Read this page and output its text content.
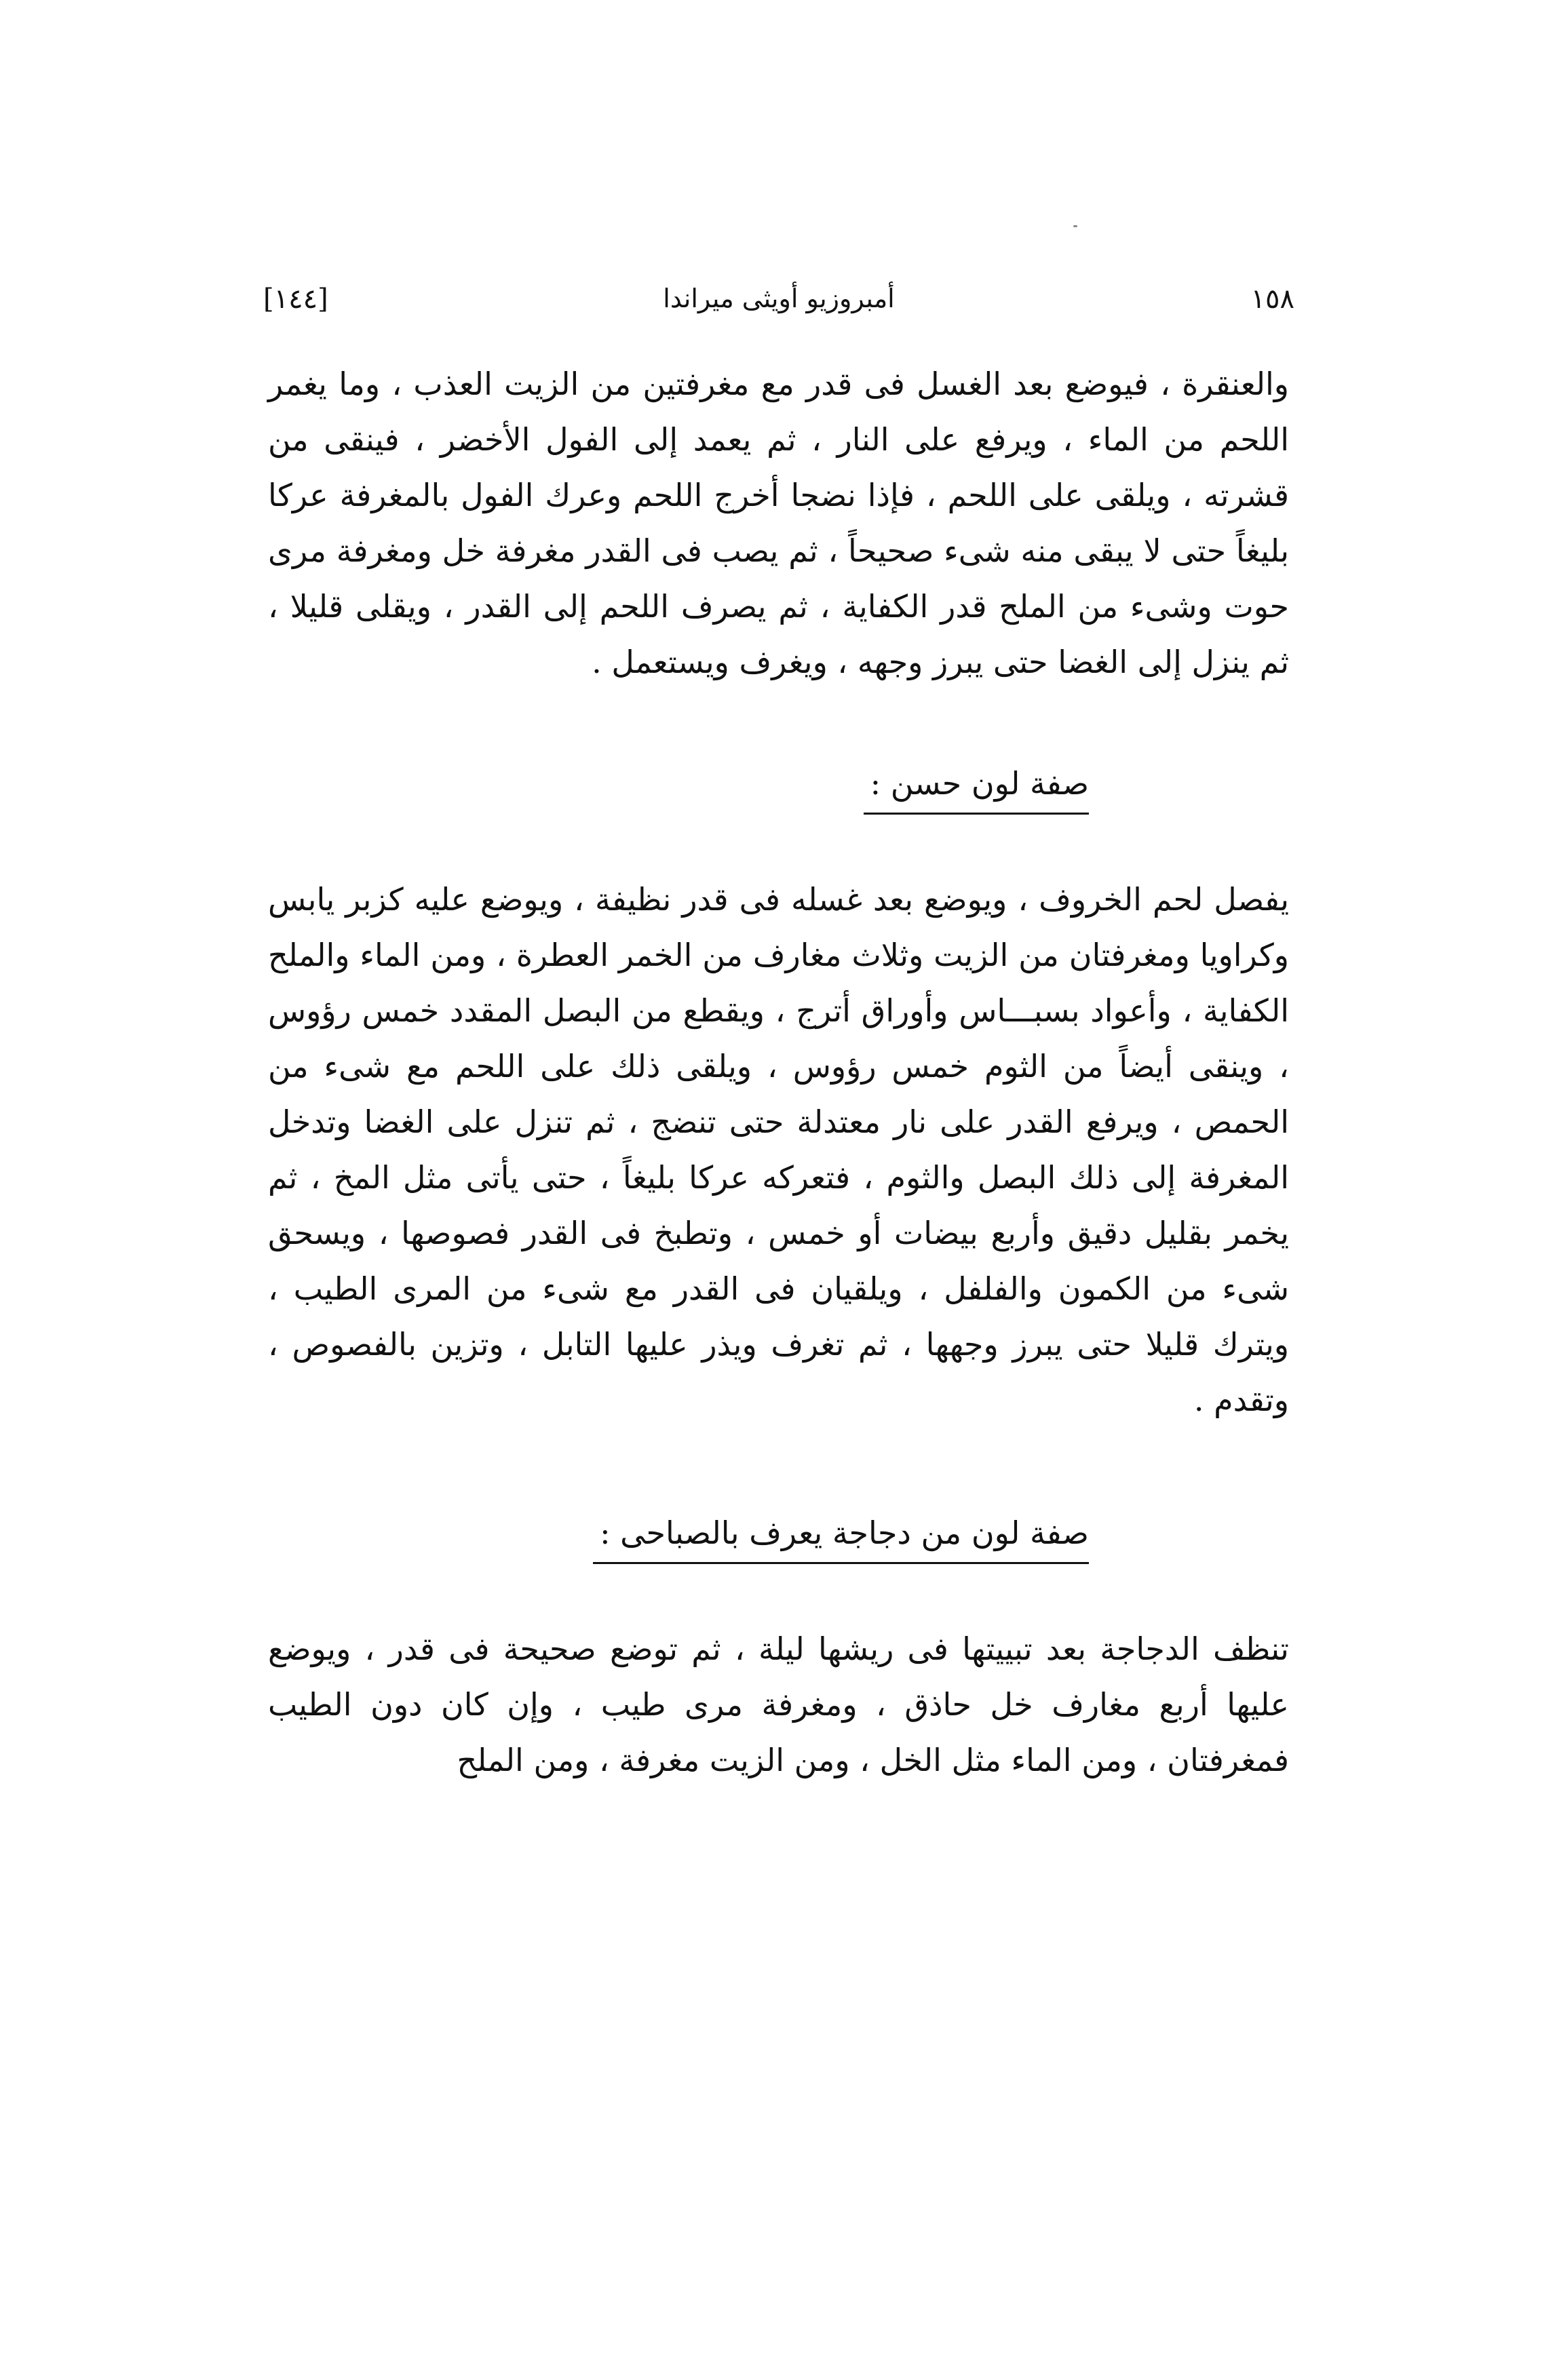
١٥٨
أمبروزيو أويثى ميراندا
[١٤٤]

والعنقرة ، فيوضع بعد الغسل فى قدر مع مغرفتين من الزيت العذب ، وما يغمر اللحم من الماء ، ويرفع على النار ، ثم يعمد إلى الفول الأخضر ، فينقى من قشرته ، ويلقى على اللحم ، فإذا نضجا أخرج اللحم وعرك الفول بالمغرفة عركا بليغاً حتى لا يبقى منه شىء صحيحاً ، ثم يصب فى القدر مغرفة خل ومغرفة مرى حوت وشىء من الملح قدر الكفاية ، ثم يصرف اللحم إلى القدر ، ويقلى قليلا ، ثم ينزل إلى الغضا حتى يبرز وجهه ، ويغرف ويستعمل .

صفة لون حسن :

يفصل لحم الخروف ، ويوضع بعد غسله فى قدر نظيفة ، ويوضع عليه كزبر يابس وكراويا ومغرفتان من الزيت وثلاث مغارف من الخمر العطرة ، ومن الماء والملح الكفاية ، وأعواد بسبـــاس وأوراق أترج ، ويقطع من البصل المقدد خمس رؤوس ، وينقى أيضاً من الثوم خمس رؤوس ، ويلقى ذلك على اللحم مع شىء من الحمص ، ويرفع القدر على نار معتدلة حتى تنضج ، ثم تنزل على الغضا وتدخل المغرفة إلى ذلك البصل والثوم ، فتعركه عركا بليغاً ، حتى يأتى مثل المخ ، ثم يخمر بقليل دقيق وأربع بيضات أو خمس ، وتطبخ فى القدر فصوصها ، ويسحق شىء من الكمون والفلفل ، ويلقيان فى القدر مع شىء من المرى الطيب ، ويترك قليلا حتى يبرز وجهها ، ثم تغرف ويذر عليها التابل ، وتزين بالفصوص ، وتقدم .

صفة لون من دجاجة يعرف بالصباحى :

تنظف الدجاجة بعد تبييتها فى ريشها ليلة ، ثم توضع صحيحة فى قدر ، ويوضع عليها أربع مغارف خل حاذق ، ومغرفة مرى طيب ، وإن كان دون الطيب فمغرفتان ، ومن الماء مثل الخل ، ومن الزيت مغرفة ، ومن الملح
